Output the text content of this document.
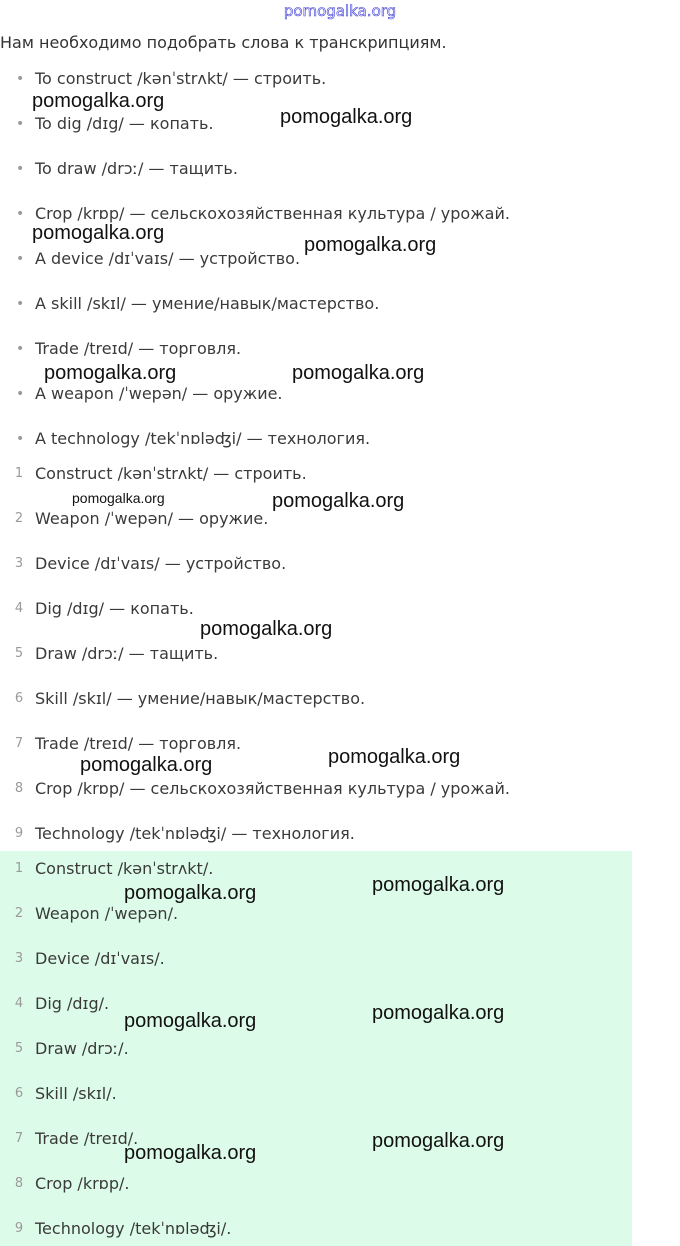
pomogalka.org
Нам необходимо подобрать слова к транскрипциям.
• To construct /kənˈstrʌkt/ — строить.
• To dig /dɪg/ — копать.
• To draw /drɔː/ — тащить.
• Crop /krɒp/ — сельскохозяйственная культура / урожай.
• A device /dɪˈvaɪs/ — устройство.
• A skill /skɪl/ — умение/навык/мастерство.
• Trade /treɪd/ — торговля.
• A weapon /ˈwepən/ — оружие.
• A technology /tekˈnɒləʤi/ — технология.
1 Construct /kənˈstrʌkt/ — строить.
2 Weapon /ˈwepən/ — оружие.
3 Device /dɪˈvaɪs/ — устройство.
4 Dig /dɪg/ — копать.
5 Draw /drɔː/ — тащить.
6 Skill /skɪl/ — умение/навык/мастерство.
7 Trade /treɪd/ — торговля.
8 Crop /krɒp/ — сельскохозяйственная культура / урожай.
9 Technology /tekˈnɒləʤi/ — технология.
1 Construct /kənˈstrʌkt/.
2 Weapon /ˈwepən/.
3 Device /dɪˈvaɪs/.
4 Dig /dɪg/.
5 Draw /drɔː/.
6 Skill /skɪl/.
7 Trade /treɪd/.
8 Crop /krɒp/.
9 Technology /tekˈnɒləʤi/.
pomogalka.org
pomogalka.org
pomogalka.org
pomogalka.org
pomogalka.org	pomogalka.org
pomogalka.org	pomogalka.org
pomogalka.org
pomogalka.org
pomogalka.org
pomogalka.org
pomogalka.org
pomogalka.org
pomogalka.org
pomogalka.org
pomogalka.org
